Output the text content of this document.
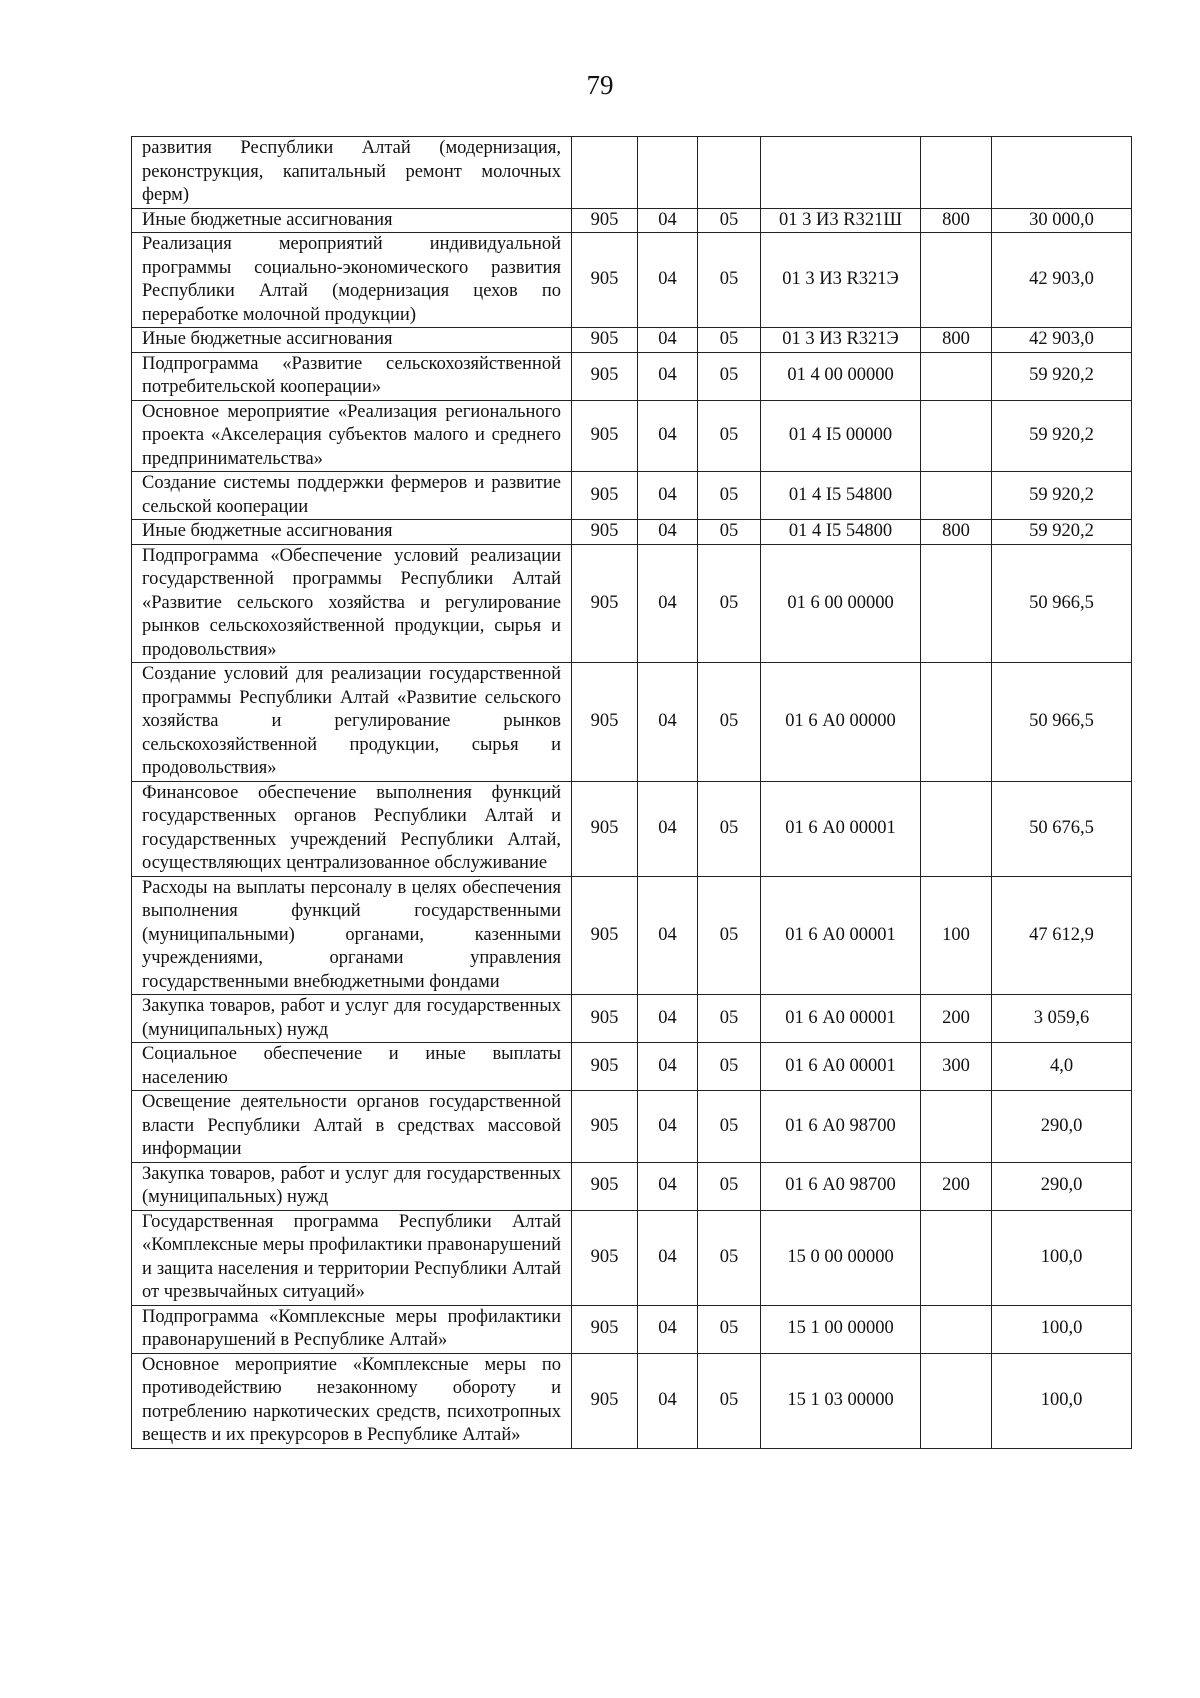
79
развития Республики Алтай (модернизация, реконструкция, капитальный ремонт молочных ферм)						
Иные бюджетные ассигнования	905	04	05	01 3 И3 R321Ш	800	30 000,0
Реализация мероприятий индивидуальной программы социально-экономического развития Республики Алтай (модернизация цехов по переработке молочной продукции)	905	04	05	01 3 И3 R321Э		42 903,0
Иные бюджетные ассигнования	905	04	05	01 3 И3 R321Э	800	42 903,0
Подпрограмма «Развитие сельскохозяйственной потребительской кооперации»	905	04	05	01 4 00 00000		59 920,2
Основное мероприятие «Реализация регионального проекта «Акселерация субъектов малого и среднего предпринимательства»	905	04	05	01 4 I5 00000		59 920,2
Создание системы поддержки фермеров и развитие сельской кооперации	905	04	05	01 4 I5 54800		59 920,2
Иные бюджетные ассигнования	905	04	05	01 4 I5 54800	800	59 920,2
Подпрограмма «Обеспечение условий реализации государственной программы Республики Алтай «Развитие сельского хозяйства и регулирование рынков сельскохозяйственной продукции, сырья и продовольствия»	905	04	05	01 6 00 00000		50 966,5
Создание условий для реализации государственной программы Республики Алтай «Развитие сельского хозяйства и регулирование рынков сельскохозяйственной продукции, сырья и продовольствия»	905	04	05	01 6 А0 00000		50 966,5
Финансовое обеспечение выполнения функций государственных органов Республики Алтай и государственных учреждений Республики Алтай, осуществляющих централизованное обслуживание	905	04	05	01 6 А0 00001		50 676,5
Расходы на выплаты персоналу в целях обеспечения выполнения функций государственными (муниципальными) органами, казенными учреждениями, органами управления государственными внебюджетными фондами	905	04	05	01 6 А0 00001	100	47 612,9
Закупка товаров, работ и услуг для государственных (муниципальных) нужд	905	04	05	01 6 А0 00001	200	3 059,6
Социальное обеспечение и иные выплаты населению	905	04	05	01 6 А0 00001	300	4,0
Освещение деятельности органов государственной власти Республики Алтай в средствах массовой информации	905	04	05	01 6 А0 98700		290,0
Закупка товаров, работ и услуг для государственных (муниципальных) нужд	905	04	05	01 6 А0 98700	200	290,0
Государственная программа Республики Алтай «Комплексные меры профилактики правонарушений и защита населения и территории Республики Алтай от чрезвычайных ситуаций»	905	04	05	15 0 00 00000		100,0
Подпрограмма «Комплексные меры профилактики правонарушений в Республике Алтай»	905	04	05	15 1 00 00000		100,0
Основное мероприятие «Комплексные меры по противодействию незаконному обороту и потреблению наркотических средств, психотропных веществ и их прекурсоров в Республике Алтай»	905	04	05	15 1 03 00000		100,0
